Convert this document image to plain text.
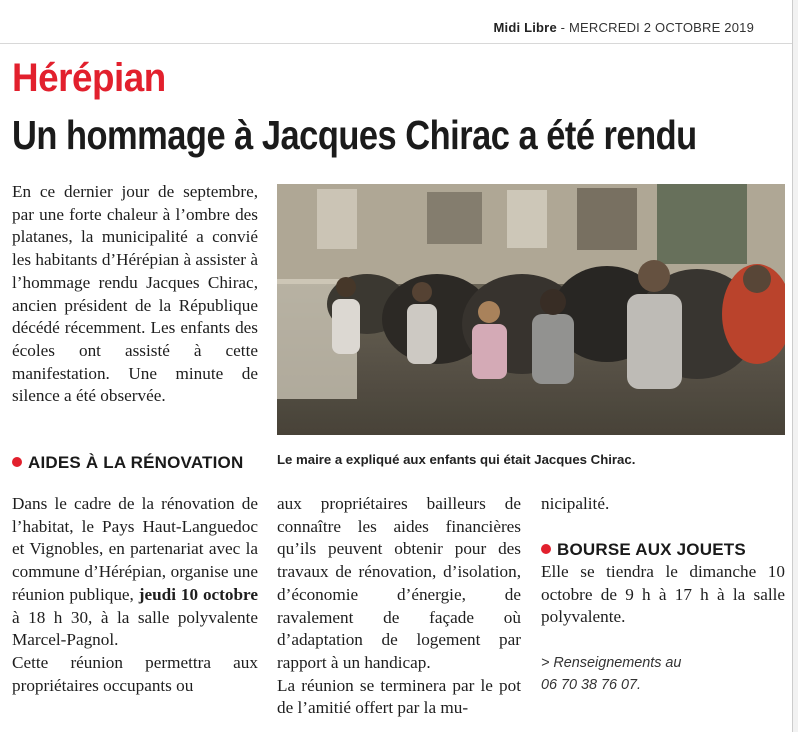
Midi Libre - MERCREDI 2 OCTOBRE 2019
Hérépian
Un hommage à Jacques Chirac a été rendu

En ce dernier jour de septembre, par une forte chaleur à l’ombre des platanes, la municipalité a convié les habitants d’Hérépian à assister à l’hommage rendu Jacques Chirac, ancien président de la République décédé récemment. Les enfants des écoles ont assisté à cette manifestation. Une minute de silence a été observée.

Le maire a expliqué aux enfants qui était Jacques Chirac.
AIDES À LA RÉNOVATION

Dans le cadre de la rénovation de l’habitat, le Pays Haut-Languedoc et Vignobles, en partenariat avec la commune d’Hérépian, organise une réunion publique, jeudi 10 octobre à 18 h 30, à la salle polyvalente Marcel-Pagnol.

Cette réunion permettra aux propriétaires occupants ou

aux propriétaires bailleurs de connaître les aides financières qu’ils peuvent obtenir pour des travaux de rénovation, d’isolation, d’économie d’énergie, de ravalement de façade où d’adaptation de logement par rapport à un handicap.

La réunion se terminera par le pot de l’amitié offert par la mu-

nicipalité.

BOURSE AUX JOUETS

Elle se tiendra le dimanche 10 octobre de 9 h à 17 h à la salle polyvalente.

> Renseignements au
06 70 38 76 07.
